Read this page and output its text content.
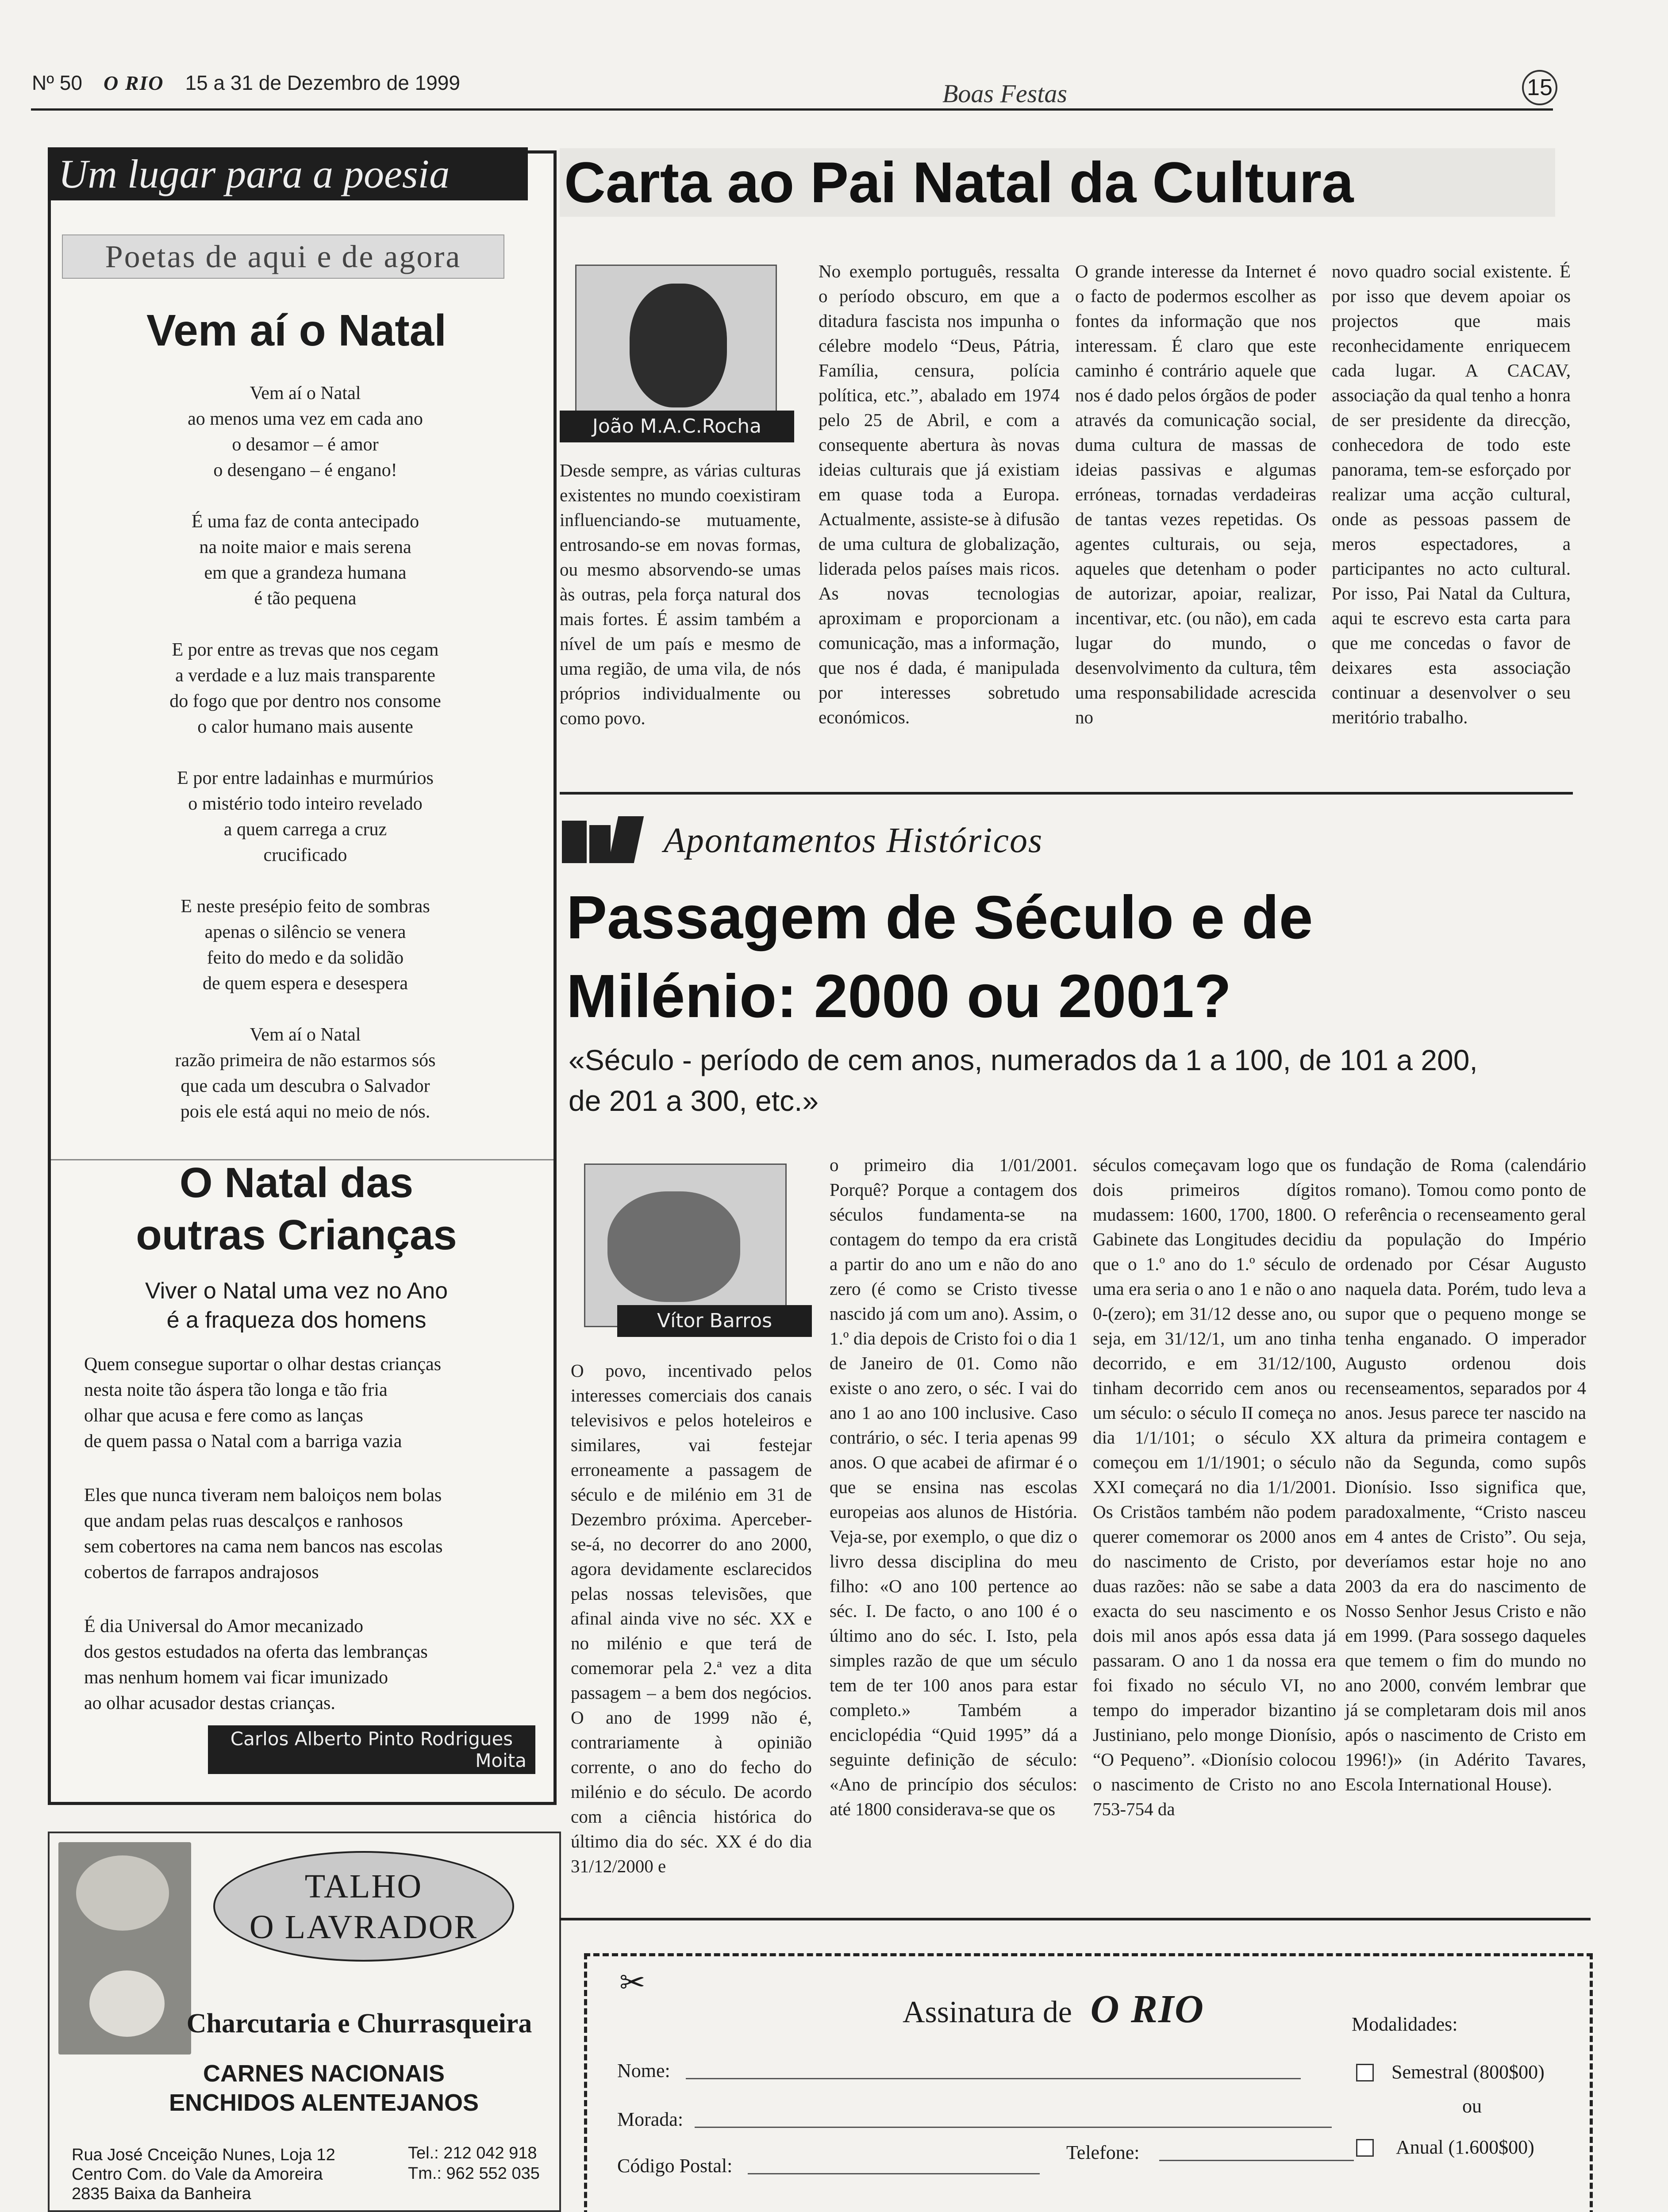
Nº 50 O RIO 15 a 31 de Dezembro de 1999	Boas Festas	15
Um lugar para a poesia
Poetas de aqui e de agora
Vem aí o Natal
Vem aí o Natal
ao menos uma vez em cada ano
o desamor – é amor
o desengano – é engano!
É uma faz de conta antecipado
na noite maior e mais serena
em que a grandeza humana
é tão pequena
E por entre as trevas que nos cegam
a verdade e a luz mais transparente
do fogo que por dentro nos consome
o calor humano mais ausente
E por entre ladainhas e murmúrios
o mistério todo inteiro revelado
a quem carrega a cruz
crucificado
E neste presépio feito de sombras
apenas o silêncio se venera
feito do medo e da solidão
de quem espera e desespera
Vem aí o Natal
razão primeira de não estarmos sós
que cada um descubra o Salvador
pois ele está aqui no meio de nós.
O Natal das
outras Crianças
Viver o Natal uma vez no Ano
é a fraqueza dos homens
Quem consegue suportar o olhar destas crianças
nesta noite tão áspera tão longa e tão fria
olhar que acusa e fere como as lanças
de quem passa o Natal com a barriga vazia
Eles que nunca tiveram nem baloiços nem bolas
que andam pelas ruas descalços e ranhosos
sem cobertores na cama nem bancos nas escolas
cobertos de farrapos andrajosos
É dia Universal do Amor mecanizado
dos gestos estudados na oferta das lembranças
mas nenhum homem vai ficar imunizado
ao olhar acusador destas crianças.
Carlos Alberto Pinto Rodrigues
Moita
TALHO
O LAVRADOR
Charcutaria e Churrasqueira
CARNES NACIONAIS
ENCHIDOS ALENTEJANOS
Rua José Cnceição Nunes, Loja 12
Centro Com. do Vale da Amoreira
2835 Baixa da Banheira
Tel.: 212 042 918
Tm.: 962 552 035
Carta ao Pai Natal da Cultura
João M.A.C.Rocha
Desde sempre, as várias culturas existentes no mundo coexistiram influenciando-se mutuamente, entrosando-se em novas formas, ou mesmo absorvendo-se umas às outras, pela força natural dos mais fortes. É assim também a nível de um país e mesmo de uma região, de uma vila, de nós próprios individualmente ou como povo.
No exemplo português, ressalta o período obscuro, em que a ditadura fascista nos impunha o célebre modelo “Deus, Pátria, Família, censura, polícia política, etc.”, abalado em 1974 pelo 25 de Abril, e com a consequente abertura às novas ideias culturais que já existiam em quase toda a Europa. Actualmente, assiste-se à difusão de uma cultura de globalização, liderada pelos países mais ricos. As novas tecnologias aproximam e proporcionam a comunicação, mas a informação, que nos é dada, é manipulada por interesses sobretudo económicos.
O grande interesse da Internet é o facto de podermos escolher as fontes da informação que nos interessam. É claro que este caminho é contrário aquele que nos é dado pelos órgãos de poder através da comunicação social, duma cultura de massas de ideias passivas e algumas erróneas, tornadas verdadeiras de tantas vezes repetidas. Os agentes culturais, ou seja, aqueles que detenham o poder de autorizar, apoiar, realizar, incentivar, etc. (ou não), em cada lugar do mundo, o desenvolvimento da cultura, têm uma responsabilidade acrescida no
novo quadro social existente. É por isso que devem apoiar os projectos que mais reconhecidamente enriquecem cada lugar. A CACAV, associação da qual tenho a honra de ser presidente da direcção, conhecedora de todo este panorama, tem-se esforçado por realizar uma acção cultural, onde as pessoas passem de meros espectadores, a participantes no acto cultural. Por isso, Pai Natal da Cultura, aqui te escrevo esta carta para que me concedas o favor de deixares esta associação continuar a desenvolver o seu meritório trabalho.
Apontamentos Históricos
Passagem de Século e de
Milénio: 2000 ou 2001?
«Século - período de cem anos, numerados da 1 a 100, de 101 a 200,
de 201 a 300, etc.»
Vítor Barros
O povo, incentivado pelos interesses comerciais dos canais televisivos e pelos hoteleiros e similares, vai festejar erroneamente a passagem de século e de milénio em 31 de Dezembro próxima. Aperceber-se-á, no decorrer do ano 2000, agora devidamente esclarecidos pelas nossas televisões, que afinal ainda vive no séc. XX e no milénio e que terá de comemorar pela 2.ª vez a dita passagem – a bem dos negócios. O ano de 1999 não é, contrariamente à opinião corrente, o ano do fecho do milénio e do século. De acordo com a ciência histórica do último dia do séc. XX é do dia 31/12/2000 e
o primeiro dia 1/01/2001. Porquê? Porque a contagem dos séculos fundamenta-se na contagem do tempo da era cristã a partir do ano um e não do ano zero (é como se Cristo tivesse nascido já com um ano). Assim, o 1.º dia depois de Cristo foi o dia 1 de Janeiro de 01. Como não existe o ano zero, o séc. I vai do ano 1 ao ano 100 inclusive. Caso contrário, o séc. I teria apenas 99 anos. O que acabei de afirmar é o que se ensina nas escolas europeias aos alunos de História. Veja-se, por exemplo, o que diz o livro dessa disciplina do meu filho: «O ano 100 pertence ao séc. I. De facto, o ano 100 é o último ano do séc. I. Isto, pela simples razão de que um século tem de ter 100 anos para estar completo.» Também a enciclopédia “Quid 1995” dá a seguinte definição de século: «Ano de princípio dos séculos: até 1800 considerava-se que os
séculos começavam logo que os dois primeiros dígitos mudassem: 1600, 1700, 1800. O Gabinete das Longitudes decidiu que o 1.º ano do 1.º século de uma era seria o ano 1 e não o ano 0-(zero); em 31/12 desse ano, ou seja, em 31/12/1, um ano tinha decorrido, e em 31/12/100, tinham decorrido cem anos ou um século: o século II começa no dia 1/1/101; o século XX começou em 1/1/1901; o século XXI começará no dia 1/1/2001. Os Cristãos também não podem querer comemorar os 2000 anos do nascimento de Cristo, por duas razões: não se sabe a data exacta do seu nascimento e os dois mil anos após essa data já passaram. O ano 1 da nossa era foi fixado no século VI, no tempo do imperador bizantino Justiniano, pelo monge Dionísio, “O Pequeno”. «Dionísio colocou o nascimento de Cristo no ano 753-754 da
fundação de Roma (calendário romano). Tomou como ponto de referência o recenseamento geral da população do Império ordenado por César Augusto naquela data. Porém, tudo leva a supor que o pequeno monge se tenha enganado. O imperador Augusto ordenou dois recenseamentos, separados por 4 anos. Jesus parece ter nascido na altura da primeira contagem e não da Segunda, como supôs Dionísio. Isso significa que, paradoxalmente, “Cristo nasceu em 4 antes de Cristo”. Ou seja, deveríamos estar hoje no ano 2003 da era do nascimento de Nosso Senhor Jesus Cristo e não em 1999. (Para sossego daqueles que temem o fim do mundo no ano 2000, convém lembrar que já se completaram dois mil anos após o nascimento de Cristo em 1996!)» (in Adérito Tavares, Escola International House).
✂
Assinatura de O RIO
Nome:
Morada:
Código Postal:
Telefone:
Modalidades:
Semestral (800$00)
ou
Anual (1.600$00)
